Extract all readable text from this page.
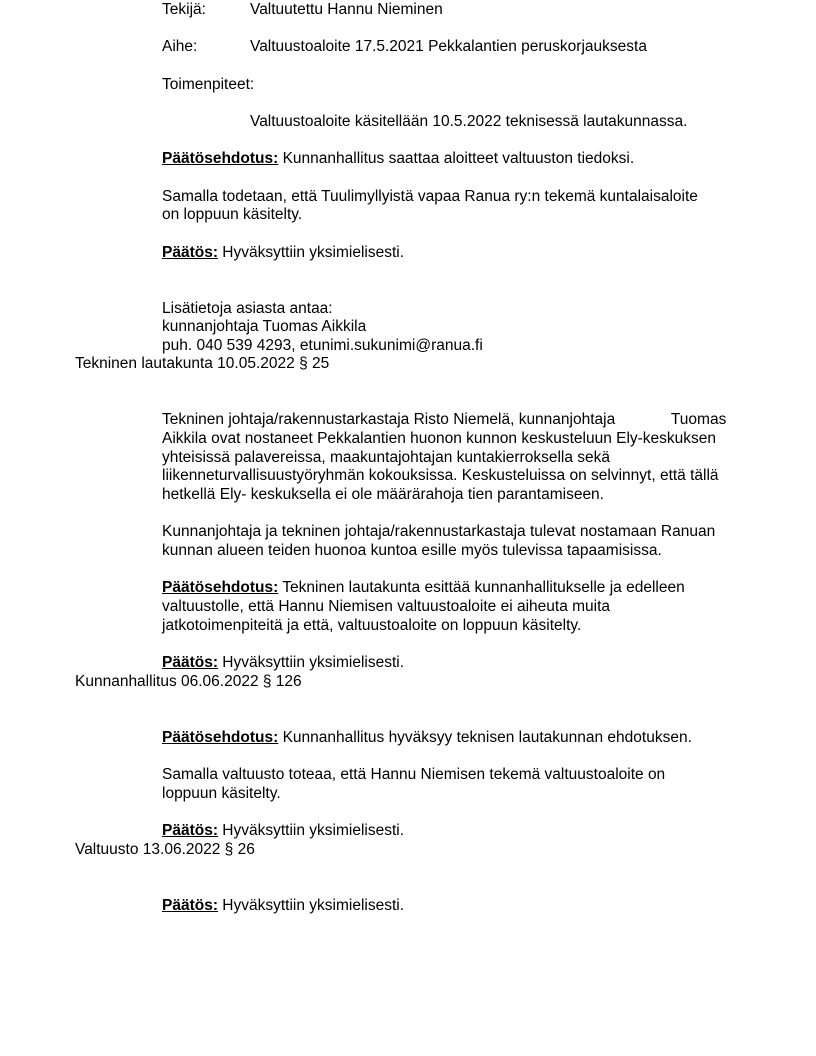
Tekijä:	Valtuutettu Hannu Nieminen
Aihe:	Valtuustoaloite 17.5.2021 Pekkalantien peruskorjauksesta
Toimenpiteet:
Valtuustoaloite käsitellään 10.5.2022 teknisessä lautakunnassa.
Päätösehdotus: Kunnanhallitus saattaa aloitteet valtuuston tiedoksi.
Samalla todetaan, että Tuulimyllyistä vapaa Ranua ry:n tekemä kuntalaisaloite
on loppuun käsitelty.
Päätös: Hyväksyttiin yksimielisesti.
Lisätietoja asiasta antaa:
kunnanjohtaja Tuomas Aikkila
puh. 040 539 4293, etunimi.sukunimi@ranua.fi
Tekninen lautakunta 10.05.2022 § 25
Tekninen johtaja/rakennustarkastaja Risto Niemelä, kunnanjohtaja             Tuomas
Aikkila ovat nostaneet Pekkalantien huonon kunnon keskusteluun Ely-keskuksen
yhteisissä palavereissa, maakuntajohtajan kuntakierroksella sekä
liikenneturvallisuustyöryhmän kokouksissa. Keskusteluissa on selvinnyt, että tällä
hetkellä Ely- keskuksella ei ole määrärahoja tien parantamiseen.
Kunnanjohtaja ja tekninen johtaja/rakennustarkastaja tulevat nostamaan Ranuan
kunnan alueen teiden huonoa kuntoa esille myös tulevissa tapaamisissa.
Päätösehdotus: Tekninen lautakunta esittää kunnanhallitukselle ja edelleen
valtuustolle, että Hannu Niemisen valtuustoaloite ei aiheuta muita
jatkotoimenpiteitä ja että, valtuustoaloite on loppuun käsitelty.
Päätös: Hyväksyttiin yksimielisesti.
Kunnanhallitus 06.06.2022 § 126
Päätösehdotus: Kunnanhallitus hyväksyy teknisen lautakunnan ehdotuksen.
Samalla valtuusto toteaa, että Hannu Niemisen tekemä valtuustoaloite on
loppuun käsitelty.
Päätös: Hyväksyttiin yksimielisesti.
Valtuusto 13.06.2022 § 26
Päätös: Hyväksyttiin yksimielisesti.
